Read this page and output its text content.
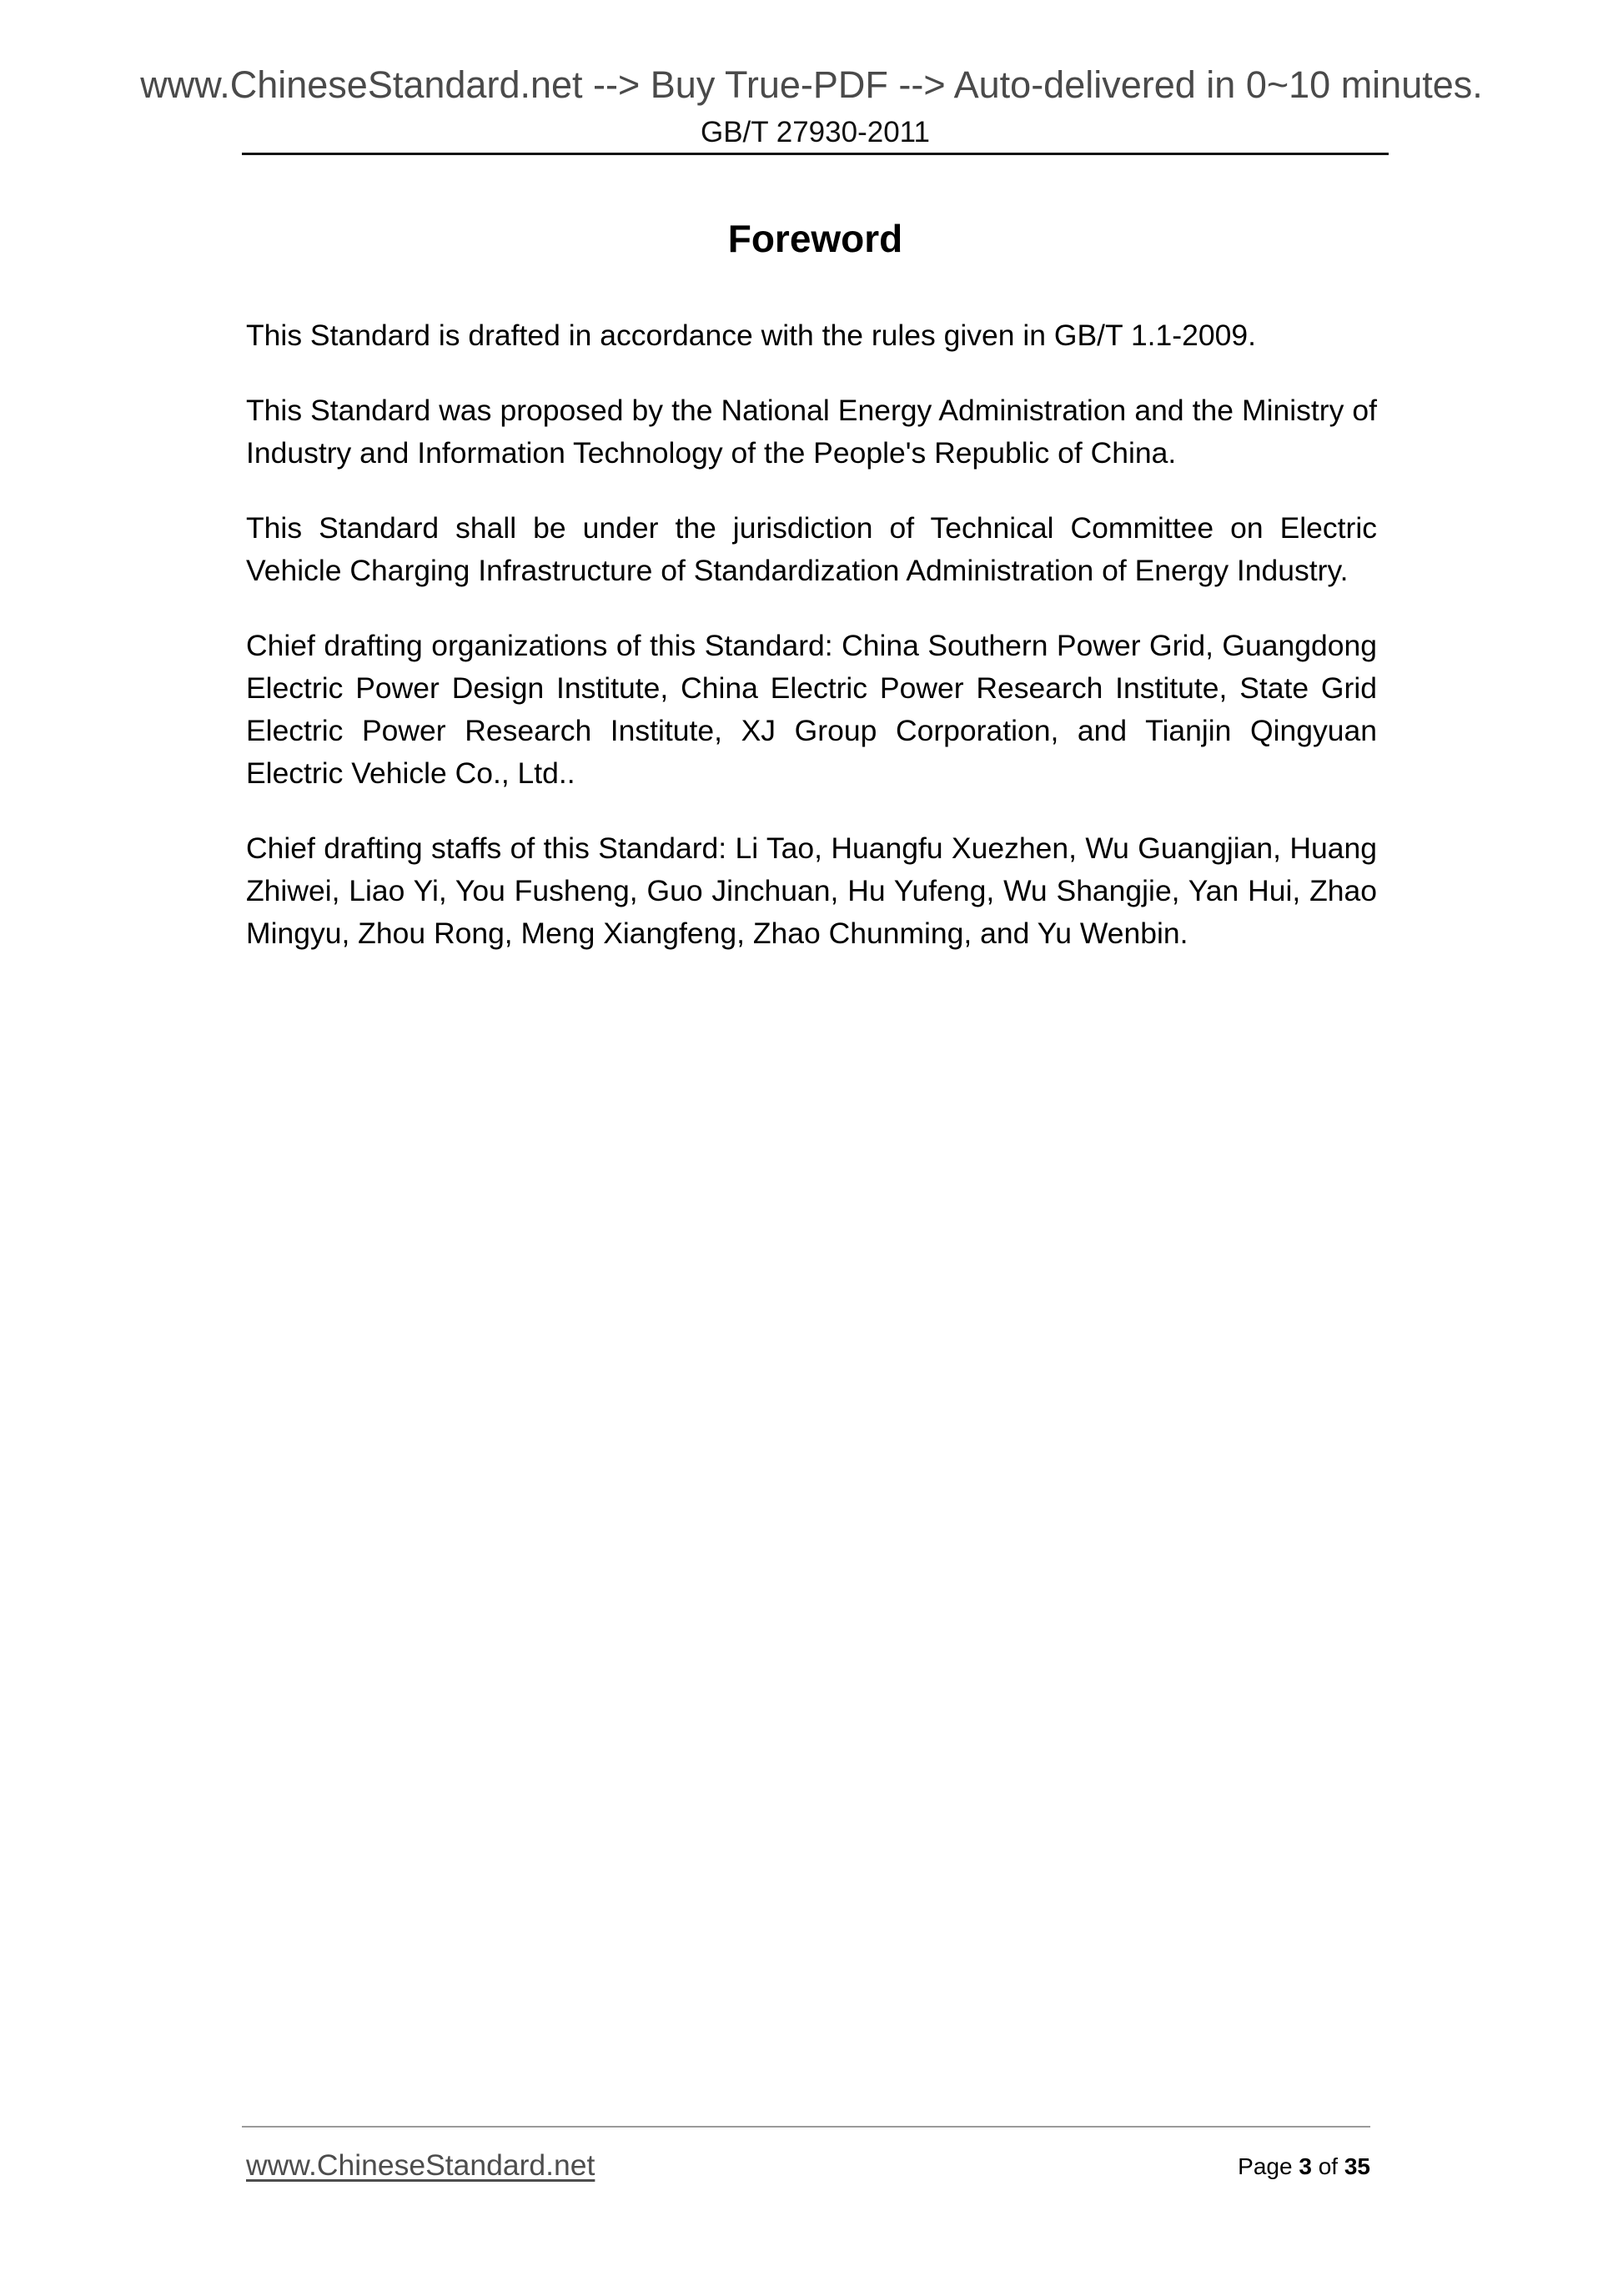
www.ChineseStandard.net --> Buy True-PDF --> Auto-delivered in 0~10 minutes.
GB/T 27930-2011
Foreword

This Standard is drafted in accordance with the rules given in GB/T 1.1-2009.

This Standard was proposed by the National Energy Administration and the Ministry of Industry and Information Technology of the People's Republic of China.

This Standard shall be under the jurisdiction of Technical Committee on Electric Vehicle Charging Infrastructure of Standardization Administration of Energy Industry.

Chief drafting organizations of this Standard: China Southern Power Grid, Guangdong Electric Power Design Institute, China Electric Power Research Institute, State Grid Electric Power Research Institute, XJ Group Corporation, and Tianjin Qingyuan Electric Vehicle Co., Ltd..

Chief drafting staffs of this Standard: Li Tao, Huangfu Xuezhen, Wu Guangjian, Huang Zhiwei, Liao Yi, You Fusheng, Guo Jinchuan, Hu Yufeng, Wu Shangjie, Yan Hui, Zhao Mingyu, Zhou Rong, Meng Xiangfeng, Zhao Chunming, and Yu Wenbin.

www.ChineseStandard.net	Page 3 of 35
